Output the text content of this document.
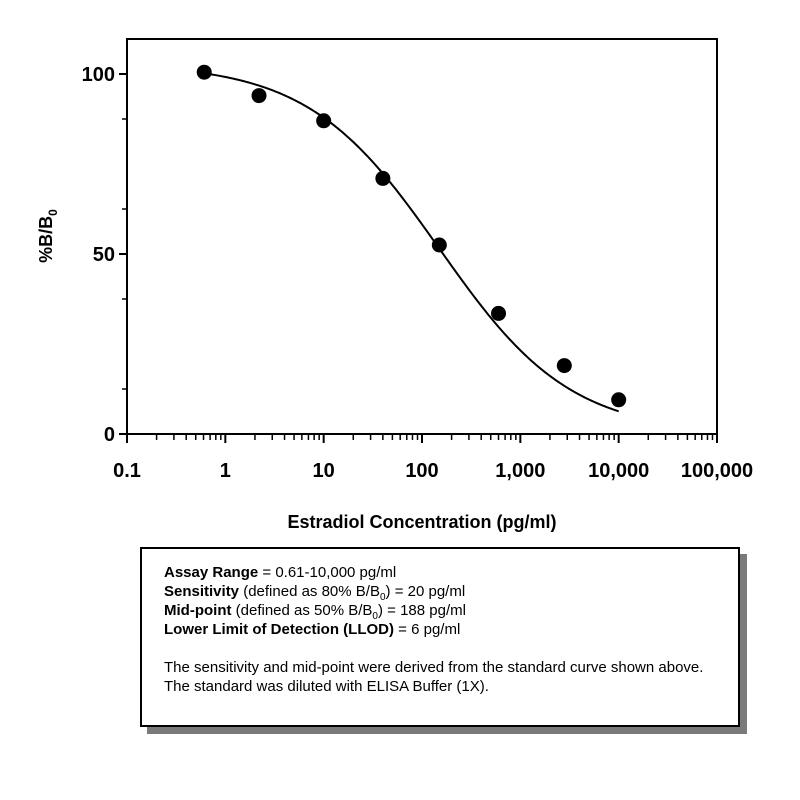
0
50
100
0.1	1	10	100	1,000 10,000 100,000
Estradiol Concentration (pg/ml)
$\%B/B_0$
Assay Range = 0.61-10,000 pg/ml
Sensitivity (defined as 80% $B/B_0) = 20$ pg/ml
Mid-point (defined as 50% $B/B_0) = 188$ pg/ml
Lower Limit of Detection (LLOD) = 6 pg/ml
The sensitivity and mid-point were derived from the standard curve shown above. The standard was diluted with ELISA Buffer (1X).
